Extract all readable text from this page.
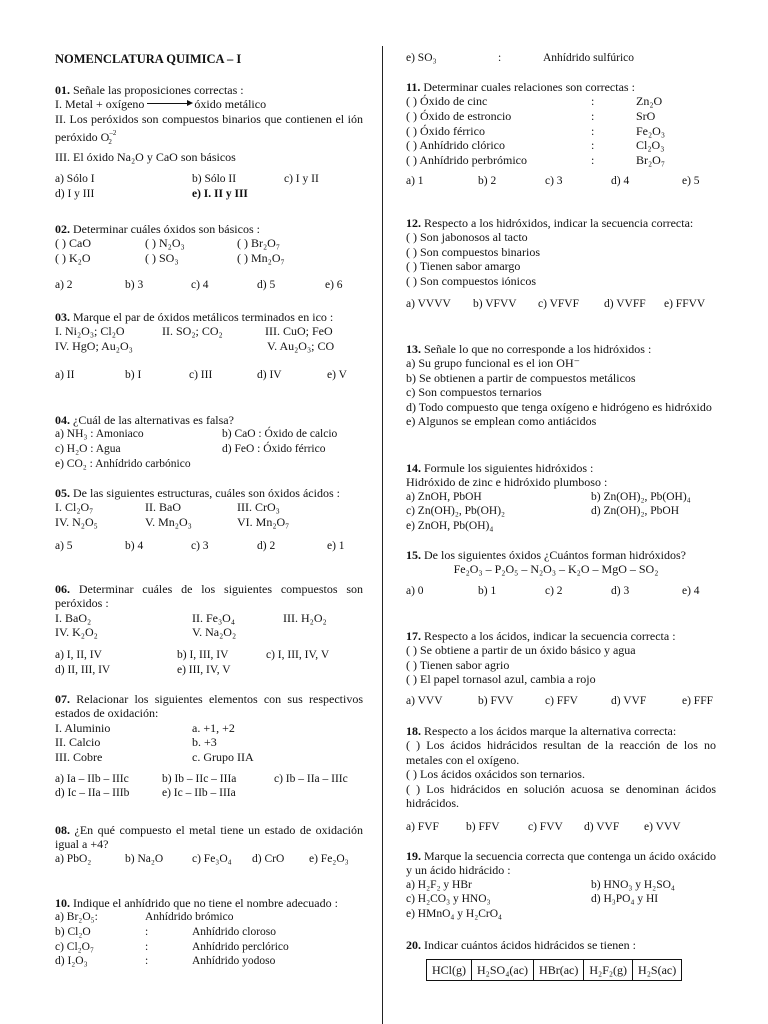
NOMENCLATURA QUIMICA – I
01. Señale las proposiciones correctas :
I. Metal + oxígeno	óxido metálico
II. Los peróxidos son compuestos binarios que contienen el ión peróxido $O^{-2}_2$
III. El óxido Na₂O y CaO son básicos
a) Sólo I	b) Sólo II	c) I y II
d) I y III	e) I. II y III
02. Determinar cuáles óxidos son básicos :
( ) CaO	( ) N₂O₃	( ) Br₂O₇
( ) K₂O	( ) SO₃	( ) Mn₂O₇
a) 2	b) 3	c) 4	d) 5	e) 6
03. Marque el par de óxidos metálicos terminados en ico :
I. Ni₂O₃; Cl₂O	II. SO₂; CO₂	III. CuO; FeO
IV. HgO; Au₂O₃	V. Au₂O₃; CO
a) II	b) I	c) III	d) IV	e) V
04. ¿Cuál de las alternativas es falsa?
a) NH₃ : Amoniaco	b) CaO : Óxido de calcio
c) H₂O : Agua	d) FeO : Óxido férrico
e) CO₂ : Anhídrido carbónico
05. De las siguientes estructuras, cuáles son óxidos ácidos :
I. Cl₂O₇	II. BaO	III. CrO₃
IV. N₂O₅	V. Mn₂O₃	VI. Mn₂O₇
a) 5	b) 4	c) 3	d) 2	e) 1
06. Determinar cuáles de los siguientes compuestos son peróxidos :
I. BaO₂	II. Fe₃O₄	III. H₂O₂
IV. K₂O₂	V. Na₂O₂
a) I, II, IV	b) I, III, IV	c) I, III, IV, V
d) II, III, IV	e) III, IV, V
07. Relacionar los siguientes elementos con sus respectivos estados de oxidación:
I. Aluminio	a. +1, +2
II. Calcio	b. +3
III. Cobre	c. Grupo IIA
a) Ia – IIb – IIIc	b) Ib – IIc – IIIa	c) Ib – IIa – IIIc
d) Ic – IIa – IIIb	e) Ic – IIb – IIIa
08. ¿En qué compuesto el metal tiene un estado de oxidación igual a +4?
a) PbO₂	b) Na₂O	c) Fe₃O₄ d) CrO e) Fe₂O₃
10. Indique el anhídrido que no tiene el nombre adecuado :
a) Br₂O₅:	Anhídrido brómico
b) Cl₂O	:	Anhídrido cloroso
c) Cl₂O₇	:	Anhídrido perclórico
d) I₂O₃	:	Anhídrido yodoso
e) SO₃	:	Anhídrido sulfúrico
11. Determinar cuales relaciones son correctas :
( ) Óxido de cinc	:	Zn₂O
( ) Óxido de estroncio	:	SrO
( ) Óxido férrico	:	Fe₂O₃
( ) Anhídrido clórico	:	Cl₂O₃
( ) Anhídrido perbrómico	:	Br₂O₇
a) 1	b) 2	c) 3	d) 4	e) 5
12. Respecto a los hidróxidos, indicar la secuencia correcta:
( ) Son jabonosos al tacto
( ) Son compuestos binarios
( ) Tienen sabor amargo
( ) Son compuestos iónicos
a) VVVV b) VFVV c) VFVF d) VVFF e) FFVV
13. Señale lo que no corresponde a los hidróxidos :
a) Su grupo funcional es el ion OH⁻
b) Se obtienen a partir de compuestos metálicos
c) Son compuestos ternarios
d) Todo compuesto que tenga oxígeno e hidrógeno es hidróxido
e) Algunos se emplean como antiácidos
14. Formule los siguientes hidróxidos :
Hidróxido de zinc e hidróxido plumboso :
a) ZnOH, PbOH	b) Zn(OH)₂, Pb(OH)₄
c) Zn(OH)₂, Pb(OH)₂	d) Zn(OH)₂, PbOH
e) ZnOH, Pb(OH)₄
15. De los siguientes óxidos ¿Cuántos forman hidróxidos?
Fe₂O₃ – P₂O₅ – N₂O₃ – K₂O – MgO – SO₂
a) 0	b) 1	c) 2	d) 3	e) 4
17. Respecto a los ácidos, indicar la secuencia correcta :
( ) Se obtiene a partir de un óxido básico y agua
( ) Tienen sabor agrio
( ) El papel tornasol azul, cambia a rojo
a) VVV	b) FVV	c) FFV	d) VVF	e) FFF
18. Respecto a los ácidos marque la alternativa correcta:
( ) Los ácidos hidrácidos resultan de la reacción de los no metales con el oxígeno.
( ) Los ácidos oxácidos son ternarios.
( ) Los hidrácidos en solución acuosa se denominan ácidos hidrácidos.
a) FVF b) FFV c) FVV d) VVF e) VVV
19. Marque la secuencia correcta que contenga un ácido oxácido y un ácido hidrácido :
a) H₂F₂ y HBr	b) HNO₃ y H₂SO₄
c) H₂CO₃ y HNO₃	d) H₃PO₄ y HI
e) HMnO₄ y H₂CrO₄
20. Indicar cuántos ácidos hidrácidos se tienen :
HCl(g)	H₂SO₄(ac)	HBr(ac)	H₂F₂(g)	H₂S(ac)
